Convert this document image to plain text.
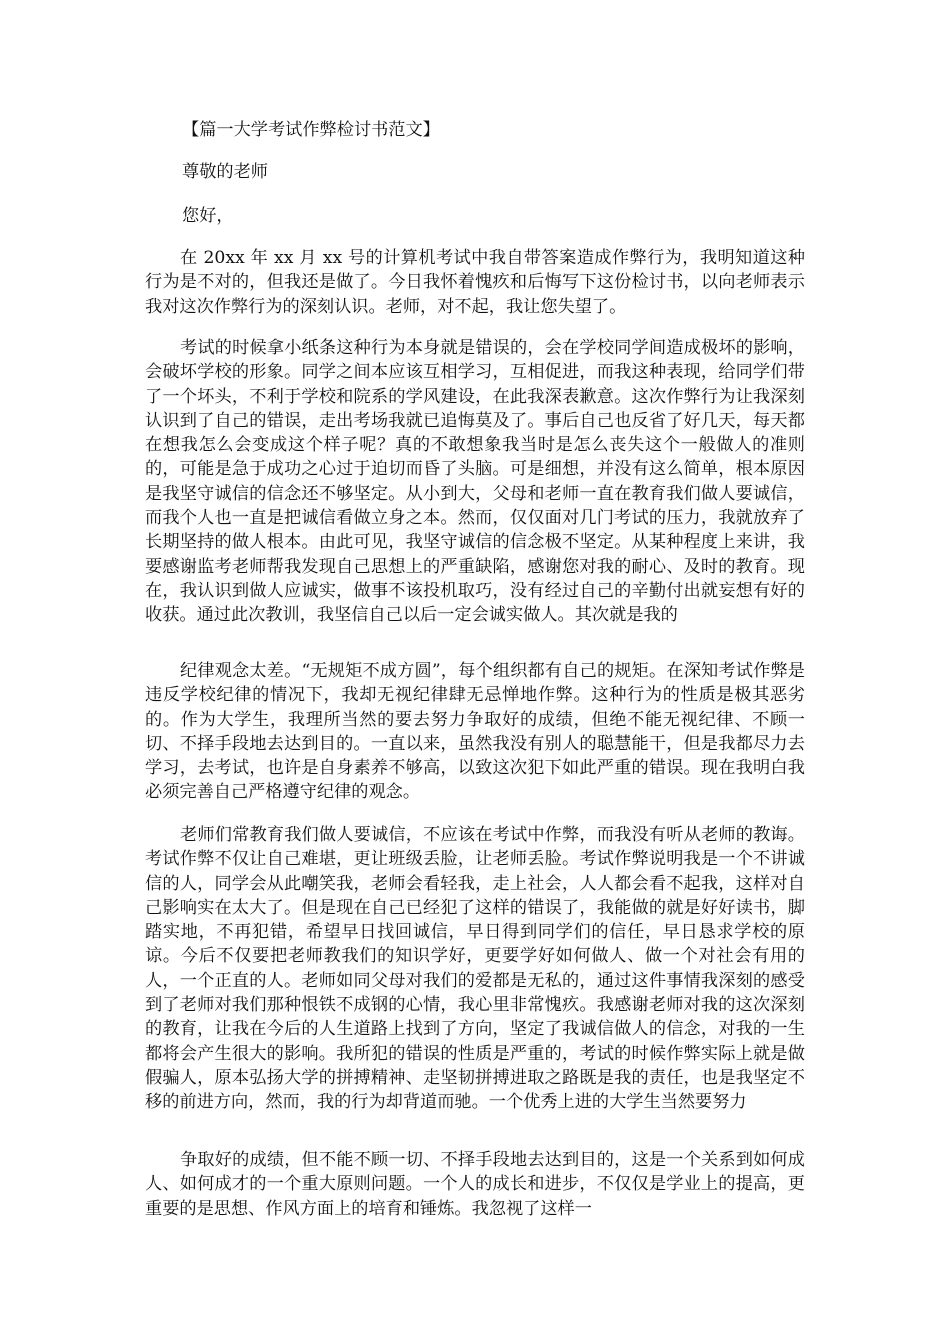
【篇一大学考试作弊检讨书范文】

尊敬的老师

您好，

在 20xx 年 xx 月 xx 号的计算机考试中我自带答案造成作弊行为，我明知道这种行为是不对的，但我还是做了。今日我怀着愧疚和后悔写下这份检讨书，以向老师表示我对这次作弊行为的深刻认识。老师，对不起，我让您失望了。

考试的时候拿小纸条这种行为本身就是错误的，会在学校同学间造成极坏的影响，会破坏学校的形象。同学之间本应该互相学习，互相促进，而我这种表现，给同学们带了一个坏头，不利于学校和院系的学风建设，在此我深表歉意。这次作弊行为让我深刻认识到了自己的错误，走出考场我就已追悔莫及了。事后自己也反省了好几天，每天都在想我怎么会变成这个样子呢？真的不敢想象我当时是怎么丧失这个一般做人的准则的，可能是急于成功之心过于迫切而昏了头脑。可是细想，并没有这么简单，根本原因是我坚守诚信的信念还不够坚定。从小到大，父母和老师一直在教育我们做人要诚信，而我个人也一直是把诚信看做立身之本。然而，仅仅面对几门考试的压力，我就放弃了长期坚持的做人根本。由此可见，我坚守诚信的信念极不坚定。从某种程度上来讲，我要感谢监考老师帮我发现自己思想上的严重缺陷，感谢您对我的耐心、及时的教育。现在，我认识到做人应诚实，做事不该投机取巧，没有经过自己的辛勤付出就妄想有好的收获。通过此次教训，我坚信自己以后一定会诚实做人。其次就是我的

纪律观念太差。“无规矩不成方圆”，每个组织都有自己的规矩。在深知考试作弊是违反学校纪律的情况下，我却无视纪律肆无忌惮地作弊。这种行为的性质是极其恶劣的。作为大学生，我理所当然的要去努力争取好的成绩，但绝不能无视纪律、不顾一切、不择手段地去达到目的。一直以来，虽然我没有别人的聪慧能干，但是我都尽力去学习，去考试，也许是自身素养不够高，以致这次犯下如此严重的错误。现在我明白我必须完善自己严格遵守纪律的观念。

老师们常教育我们做人要诚信，不应该在考试中作弊，而我没有听从老师的教诲。考试作弊不仅让自己难堪，更让班级丢脸，让老师丢脸。考试作弊说明我是一个不讲诚信的人，同学会从此嘲笑我，老师会看轻我，走上社会，人人都会看不起我，这样对自己影响实在太大了。但是现在自己已经犯了这样的错误了，我能做的就是好好读书，脚踏实地，不再犯错，希望早日找回诚信，早日得到同学们的信任，早日恳求学校的原谅。今后不仅要把老师教我们的知识学好，更要学好如何做人、做一个对社会有用的人，一个正直的人。老师如同父母对我们的爱都是无私的，通过这件事情我深刻的感受到了老师对我们那种恨铁不成钢的心情，我心里非常愧疚。我感谢老师对我的这次深刻的教育，让我在今后的人生道路上找到了方向，坚定了我诚信做人的信念，对我的一生都将会产生很大的影响。我所犯的错误的性质是严重的，考试的时候作弊实际上就是做假骗人，原本弘扬大学的拼搏精神、走坚韧拼搏进取之路既是我的责任，也是我坚定不移的前进方向，然而，我的行为却背道而驰。一个优秀上进的大学生当然要努力

争取好的成绩，但不能不顾一切、不择手段地去达到目的，这是一个关系到如何成人、如何成才的一个重大原则问题。一个人的成长和进步，不仅仅是学业上的提高，更重要的是思想、作风方面上的培育和锤炼。我忽视了这样一
